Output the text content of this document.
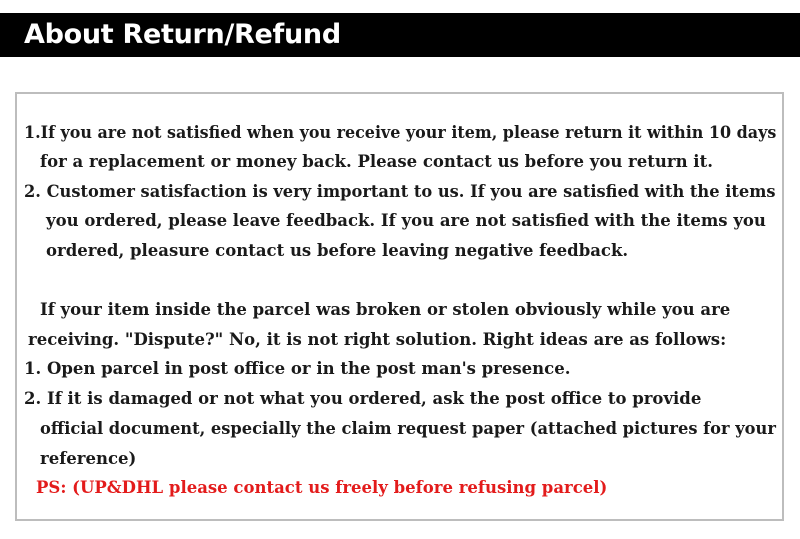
About Return/Refund
1.If you are not satisfied when you receive your item, please return it within 10 days
for a replacement or money back. Please contact us before you return it.
2. Customer satisfaction is very important to us. If you are satisfied with the items
you ordered, please leave feedback. If you are not satisfied with the items you
ordered, pleasure contact us before leaving negative feedback.
If your item inside the parcel was broken or stolen obviously while you are
receiving. "Dispute?" No, it is not right solution. Right ideas are as follows:
1. Open parcel in post office or in the post man's presence.
2. If it is damaged or not what you ordered, ask the post office to provide
official document, especially the claim request paper (attached pictures for your
reference)
PS: (UP&DHL please contact us freely before refusing parcel)
